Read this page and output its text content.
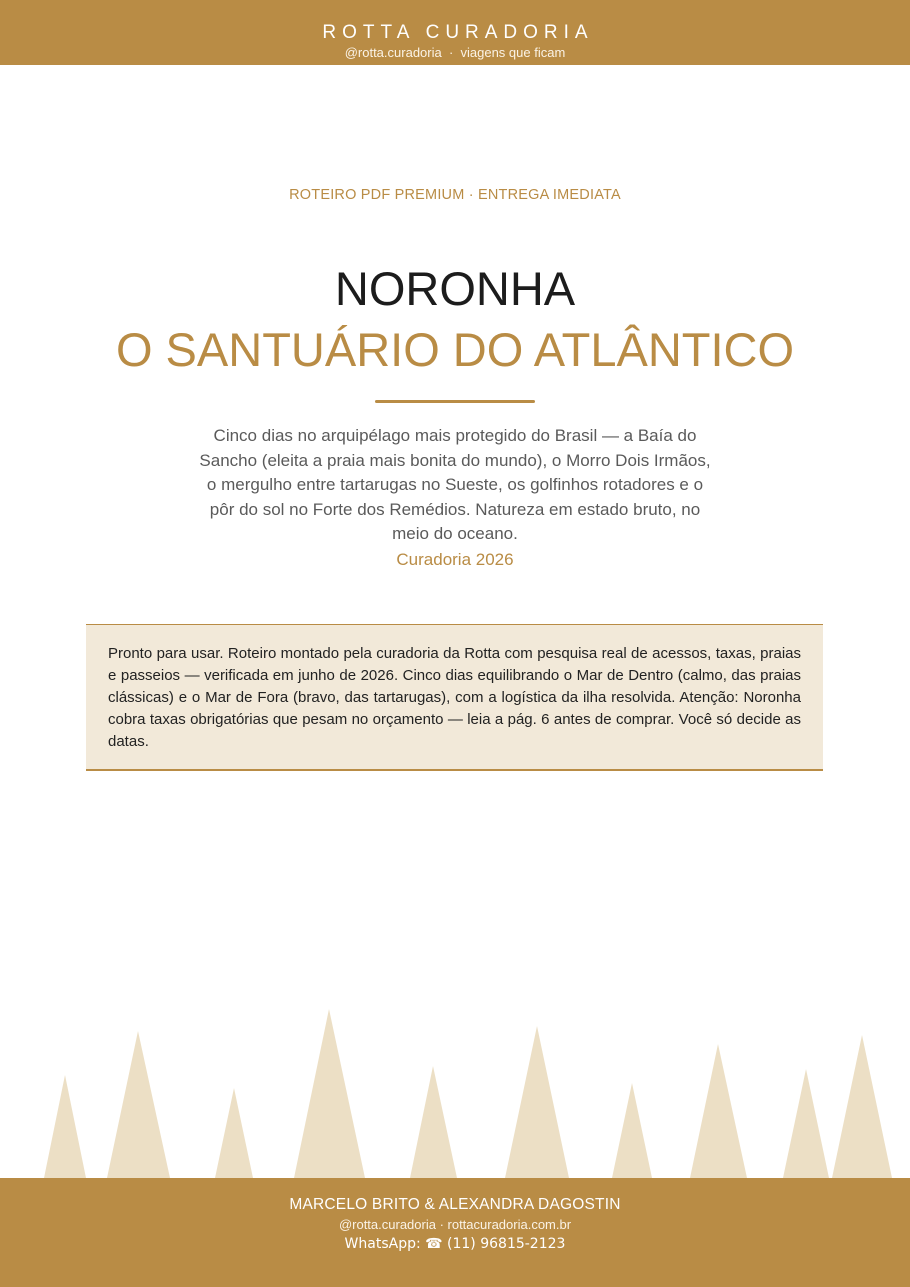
ROTTA CURADORIA
@rotta.curadoria  ·  viagens que ficam
ROTEIRO PDF PREMIUM · ENTREGA IMEDIATA
NORONHA
O SANTUÁRIO DO ATLÂNTICO

Cinco dias no arquipélago mais protegido do Brasil — a Baía do Sancho (eleita a praia mais bonita do mundo), o Morro Dois Irmãos, o mergulho entre tartarugas no Sueste, os golfinhos rotadores e o pôr do sol no Forte dos Remédios. Natureza em estado bruto, no meio do oceano.

Curadoria 2026

Pronto para usar. Roteiro montado pela curadoria da Rotta com pesquisa real de acessos, taxas, praias e passeios — verificada em junho de 2026. Cinco dias equilibrando o Mar de Dentro (calmo, das praias clássicas) e o Mar de Fora (bravo, das tartarugas), com a logística da ilha resolvida. Atenção: Noronha cobra taxas obrigatórias que pesam no orçamento — leia a pág. 6 antes de comprar. Você só decide as datas.

MARCELO BRITO & ALEXANDRA DAGOSTIN
@rotta.curadoria · rottacuradoria.com.br
WhatsApp: ☎ (11) 96815-2123
